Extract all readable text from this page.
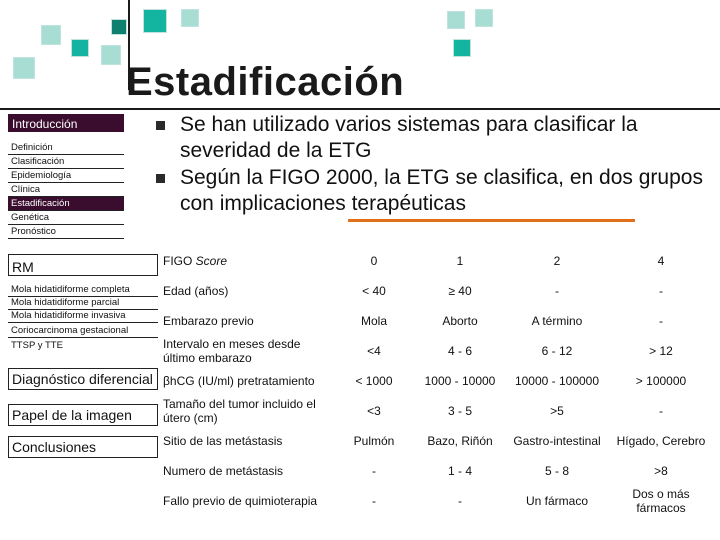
Estadificación
Introducción
Definición
Clasificación
Epidemiología
Clínica
Estadificación
Genética
Pronóstico
RM
Mola hidatidiforme completa
Mola hidatidiforme parcial
Mola hidatidiforme invasiva
Coriocarcinoma gestacional
TTSP y TTE
Diagnóstico diferencial
Papel de la imagen
Conclusiones
Se han utilizado varios sistemas para clasificar la severidad de la ETG
Según la FIGO 2000, la ETG se clasifica, en dos grupos con implicaciones terapéuticas
FIGO Score	0	1	2	4
Edad (años)	< 40	≥ 40	-	-
Embarazo previo	Mola	Aborto	A término	-
Intervalo en meses desde último embarazo	<4	4 - 6	6 - 12	> 12
βhCG (IU/ml) pretratamiento	< 1000	1000 - 10000	10000 - 100000	> 100000
Tamaño del tumor incluido el útero (cm)	<3	3 - 5	>5	-
Sitio de las metástasis	Pulmón	Bazo, Riñón	Gastro-intestinal	Hígado, Cerebro
Numero de metástasis	-	1 - 4	5 - 8	>8
Fallo previo de quimioterapia	-	-	Un fármaco	Dos o más fármacos
